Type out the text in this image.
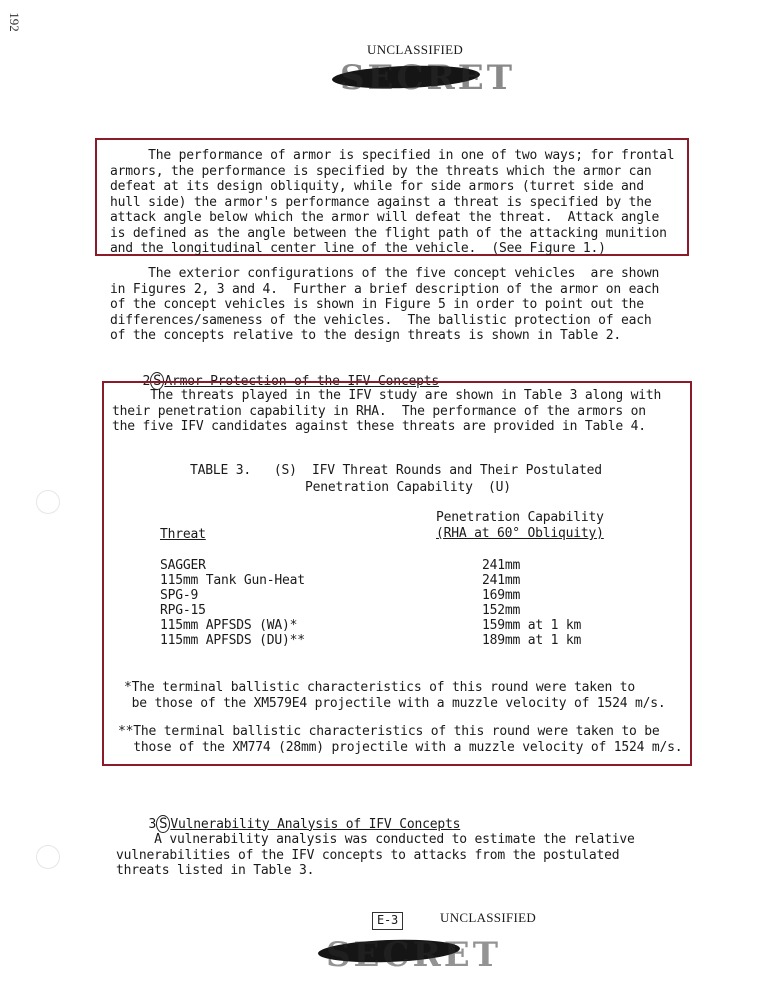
192
UNCLASSIFIED
SECRET

The performance of armor is specified in one of two ways; for frontal

armors, the performance is specified by the threats which the armor can

defeat at its design obliquity, while for side armors (turret side and

hull side) the armor's performance against a threat is specified by the

attack angle below which the armor will defeat the threat.  Attack angle

is defined as the angle between the flight path of the attacking munition

and the longitudinal center line of the vehicle.  (See Figure 1.)

The exterior configurations of the five concept vehicles  are shown

in Figures 2, 3 and 4.  Further a brief description of the armor on each

of the concept vehicles is shown in Figure 5 in order to point out the

differences/sameness of the vehicles.  The ballistic protection of each

of the concepts relative to the design threats is shown in Table 2.

2 S Armor Protection of the IFV Concepts

The threats played in the IFV study are shown in Table 3 along with

their penetration capability in RHA.  The performance of the armors on

the five IFV candidates against these threats are provided in Table 4.

TABLE 3.   (S)  IFV Threat Rounds and Their Postulated
Penetration Capability  (U)
Threat
Penetration Capability
(RHA at 60° Obliquity)
SAGGER	241mm
115mm Tank Gun-Heat	241mm
SPG-9	169mm
RPG-15	152mm
115mm APFSDS (WA)*	159mm at 1 km
115mm APFSDS (DU)**	189mm at 1 km

*The terminal ballistic characteristics of this round were taken to

be those of the XM579E4 projectile with a muzzle velocity of 1524 m/s.

**The terminal ballistic characteristics of this round were taken to be

those of the XM774 (28mm) projectile with a muzzle velocity of 1524 m/s.

3 S Vulnerability Analysis of IFV Concepts

A vulnerability analysis was conducted to estimate the relative

vulnerabilities of the IFV concepts to attacks from the postulated

threats listed in Table 3.

E-3	UNCLASSIFIED
SECRET
